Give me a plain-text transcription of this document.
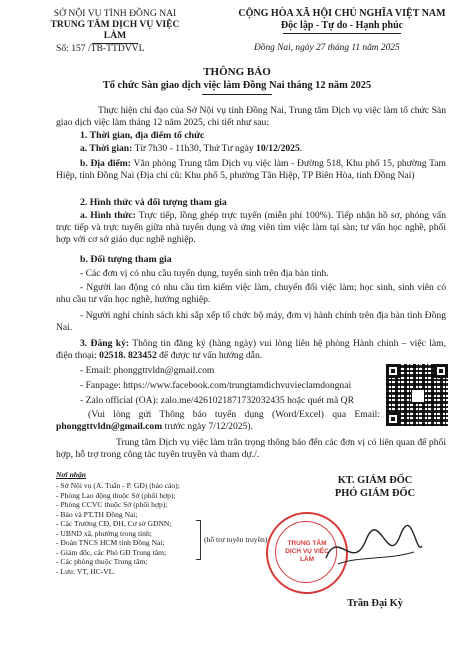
SỞ NỘI VỤ TỈNH ĐỒNG NAI
TRUNG TÂM DỊCH VỤ VIỆC LÀM
Số: 157 /TB-TTDVVL
CỘNG HÒA XÃ HỘI CHỦ NGHĨA VIỆT NAM
Độc lập - Tự do - Hạnh phúc
Đồng Nai, ngày 27 tháng 11 năm 2025
THÔNG BÁO
Tổ chức Sàn giao dịch việc làm Đồng Nai tháng 12 năm 2025
Thực hiện chỉ đạo của Sở Nội vụ tỉnh Đồng Nai, Trung tâm Dịch vụ việc làm tổ chức Sàn giao dịch việc làm tháng 12 năm 2025, chi tiết như sau:
1. Thời gian, địa điểm tổ chức
a. Thời gian: Từ 7h30 - 11h30, Thứ Tư ngày 10/12/2025.
b. Địa điểm: Văn phòng Trung tâm Dịch vụ việc làm - Đường 518, Khu phố 15, phường Tam Hiệp, tỉnh Đồng Nai (Địa chỉ cũ: Khu phố 5, phường Tân Hiệp, TP Biên Hòa, tỉnh Đồng Nai)
2. Hình thức và đối tượng tham gia
a. Hình thức: Trực tiếp, lồng ghép trực tuyến (miễn phí 100%). Tiếp nhận hồ sơ, phỏng vấn trực tiếp và trực tuyến giữa nhà tuyển dụng và ứng viên tìm việc làm tại sàn; tư vấn học nghề, phối hợp với cơ sở giáo dục nghề nghiệp.
b. Đối tượng tham gia
- Các đơn vị có nhu cầu tuyển dụng, tuyển sinh trên địa bàn tỉnh.
- Người lao động có nhu cầu tìm kiếm việc làm, chuyển đổi việc làm; học sinh, sinh viên có nhu cầu tư vấn học nghề, hướng nghiệp.
- Người nghỉ chính sách khi sắp xếp tổ chức bộ máy, đơn vị hành chính trên địa bàn tỉnh Đồng Nai.
3. Đăng ký: Thông tin đăng ký (hàng ngày) vui lòng liên hệ phòng Hành chính – việc làm, điện thoại: 02518. 823452 để được tư vấn hướng dẫn.
- Email: phonggttvldn@gmail.com
- Fanpage: https://www.facebook.com/trungtamdichvuvieclamdongnai
- Zalo official (OA): zalo.me/4261021871732032435 hoặc quét mã QR
(Vui lòng gửi Thông báo tuyển dụng (Word/Excel) qua Email: phonggttvldn@gmail.com trước ngày 7/12/2025).
Trung tâm Dịch vụ việc làm trân trọng thông báo đến các đơn vị có liên quan để phối hợp, hỗ trợ trong công tác tuyên truyền và tham dự./.
Nơi nhận
- Sở Nội vụ (A. Tuấn - P. GĐ) (báo cáo);
- Phòng Lao động thuộc Sở (phối hợp);
- Phòng CCVC thuộc Sở (phối hợp);
- Báo và PT,TH Đồng Nai;
- Các Trường CĐ, ĐH, Cơ sở GDNN;
- UBND xã, phường trong tỉnh;
- Đoàn TNCS HCM tỉnh Đồng Nai;
- Giám đốc, các Phó GĐ Trung tâm;
- Các phòng thuộc Trung tâm;
- Lưu: VT, HC-VL.
(hỗ trợ tuyên truyền)
KT. GIÁM ĐỐC
PHÓ GIÁM ĐỐC
TRUNG TÂM DỊCH VỤ VIỆC LÀM
Trần Đại Kỳ
